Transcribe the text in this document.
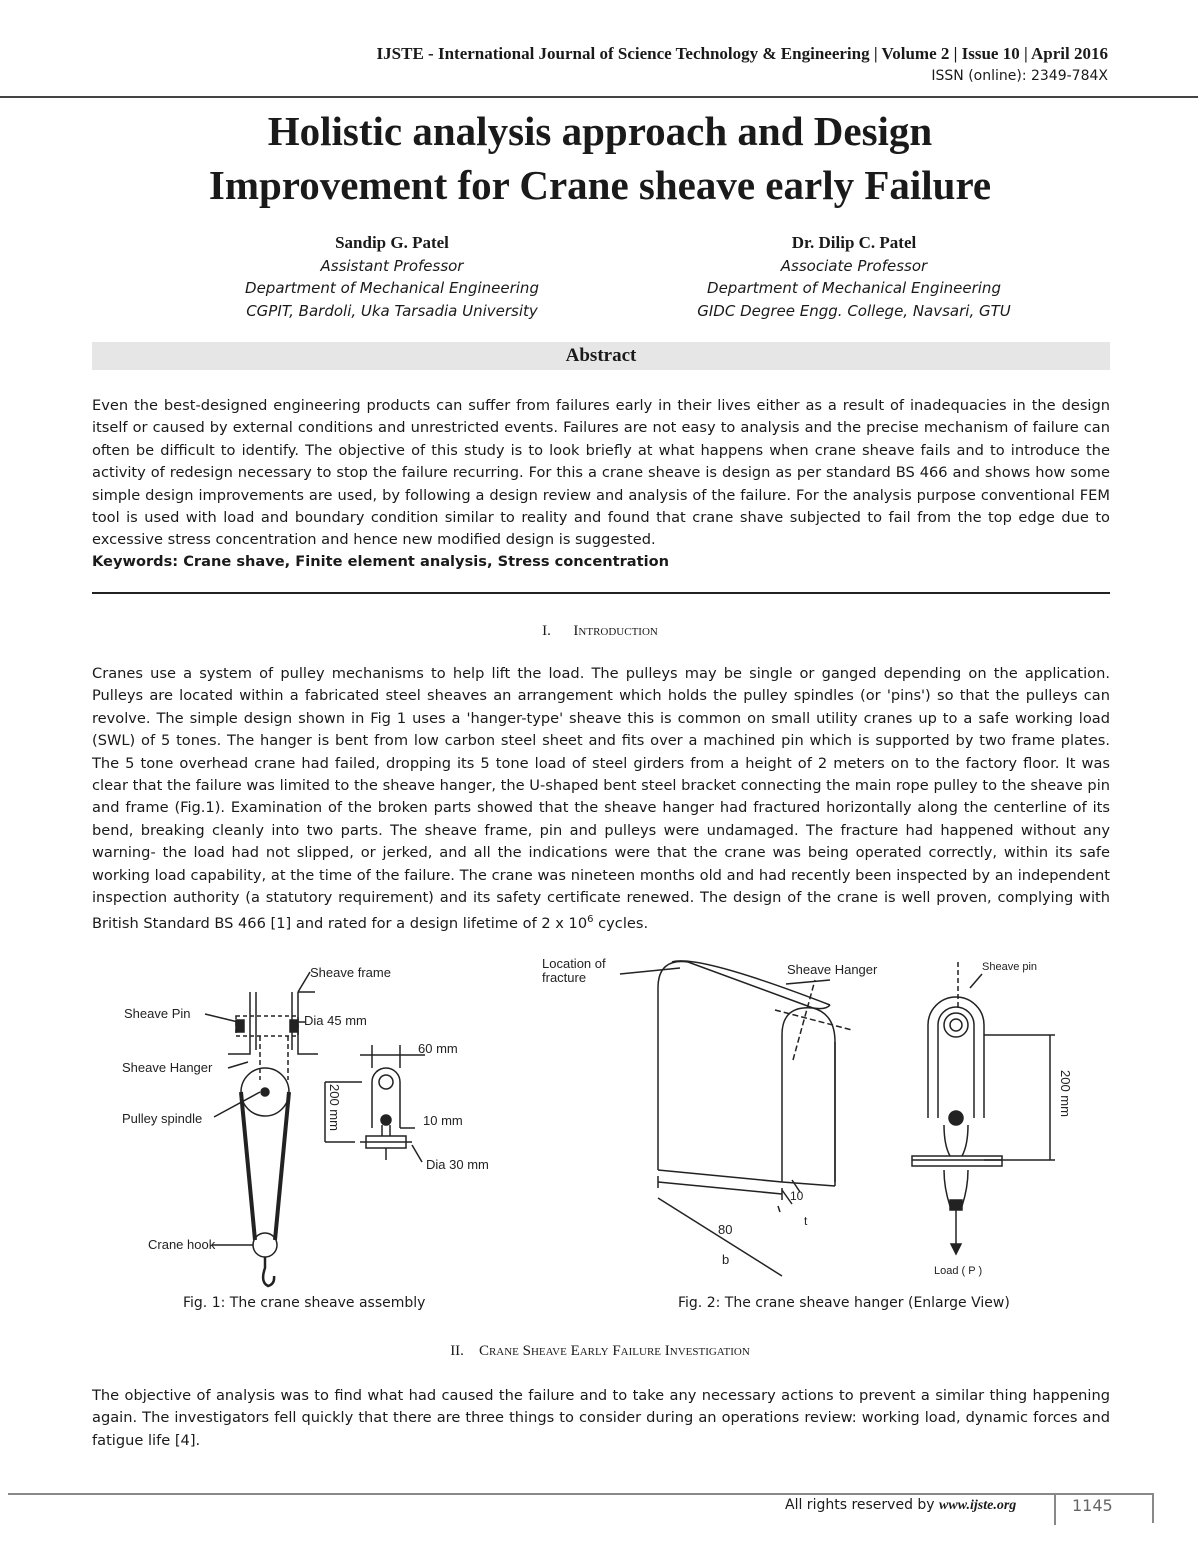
IJSTE - International Journal of Science Technology & Engineering | Volume 2 | Issue 10 | April 2016
ISSN (online): 2349-784X
Holistic analysis approach and Design
Improvement for Crane sheave early Failure
Sandip G. Patel
Assistant Professor
Department of Mechanical Engineering
CGPIT, Bardoli, Uka Tarsadia University
Dr. Dilip C. Patel
Associate Professor
Department of Mechanical Engineering
GIDC Degree Engg. College, Navsari, GTU
Abstract
Even the best-designed engineering products can suffer from failures early in their lives either as a result of inadequacies in the design itself or caused by external conditions and unrestricted events. Failures are not easy to analysis and the precise mechanism of failure can often be difficult to identify. The objective of this study is to look briefly at what happens when crane sheave fails and to introduce the activity of redesign necessary to stop the failure recurring. For this a crane sheave is design as per standard BS 466 and shows how some simple design improvements are used, by following a design review and analysis of the failure. For the analysis purpose conventional FEM tool is used with load and boundary condition similar to reality and found that crane shave subjected to fail from the top edge due to excessive stress concentration and hence new modified design is suggested.
Keywords: Crane shave, Finite element analysis, Stress concentration
I. Introduction
Cranes use a system of pulley mechanisms to help lift the load. The pulleys may be single or ganged depending on the application. Pulleys are located within a fabricated steel sheaves an arrangement which holds the pulley spindles (or 'pins') so that the pulleys can revolve. The simple design shown in Fig 1 uses a 'hanger-type' sheave this is common on small utility cranes up to a safe working load (SWL) of 5 tones. The hanger is bent from low carbon steel sheet and fits over a machined pin which is supported by two frame plates. The 5 tone overhead crane had failed, dropping its 5 tone load of steel girders from a height of 2 meters on to the factory floor. It was clear that the failure was limited to the sheave hanger, the U-shaped bent steel bracket connecting the main rope pulley to the sheave pin and frame (Fig.1). Examination of the broken parts showed that the sheave hanger had fractured horizontally along the centerline of its bend, breaking cleanly into two parts. The sheave frame, pin and pulleys were undamaged. The fracture had happened without any warning- the load had not slipped, or jerked, and all the indications were that the crane was being operated correctly, within its safe working load capability, at the time of the failure. The crane was nineteen months old and had recently been inspected by an independent inspection authority (a statutory requirement) and its safety certificate renewed. The design of the crane is well proven, complying with British Standard BS 466 [1] and rated for a design lifetime of 2 x $10^6$ cycles.
Sheave frame
Sheave Pin	Dia 45 mm
Sheave Hanger
Pulley spindle
60 mm
200 mm	10 mm
Dia 30 mm
Crane hook
Fig. 1: The crane sheave assembly
Location of
fracture
Sheave Hanger	Sheave pin
200 mm
10
t
80
b
Load ( P )
Fig. 2: The crane sheave hanger (Enlarge View)
II. Crane Sheave Early Failure Investigation
The objective of analysis was to find what had caused the failure and to take any necessary actions to prevent a similar thing happening again. The investigators fell quickly that there are three things to consider during an operations review: working load, dynamic forces and fatigue life [4].
All rights reserved by www.ijste.org	1145
